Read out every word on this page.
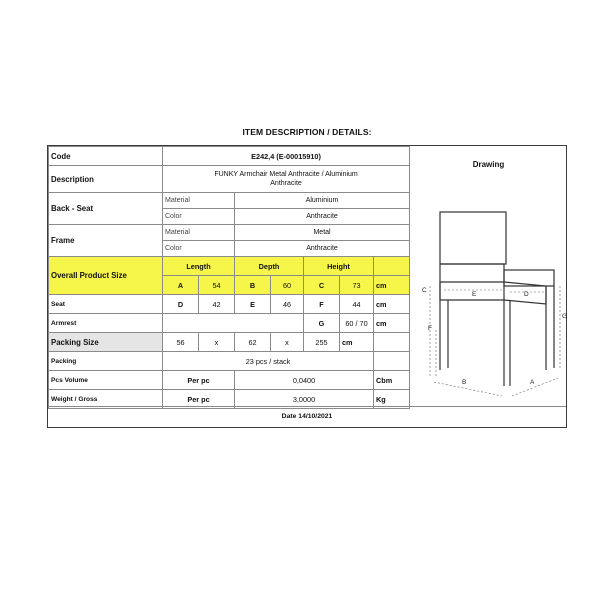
ITEM DESCRIPTION / DETAILS:
Code	E242,4 (E-00015910)						
Description	FUNKY Armchair Metal Anthracite / Aluminium
Anthracite						
Back - Seat	Material		Aluminium				
	Color		Anthracite				
Frame	Material		Metal				
	Color		Anthracite				
Overall Product Size	Length		Depth		Height		
	A	54	B	60	C	73	cm
Seat	D	42	E	46	F	44	cm
Armrest					G	60 / 70	cm
Packing Size	56	x	62	x	255	cm	
Packing	23 pcs / stack						
Pcs Volume	Per pc		0,0400				Cbm
Weight / Gross	Per pc		3,0000				Kg
Drawing
C
F
E	D
G
B	A
Date 14/10/2021
